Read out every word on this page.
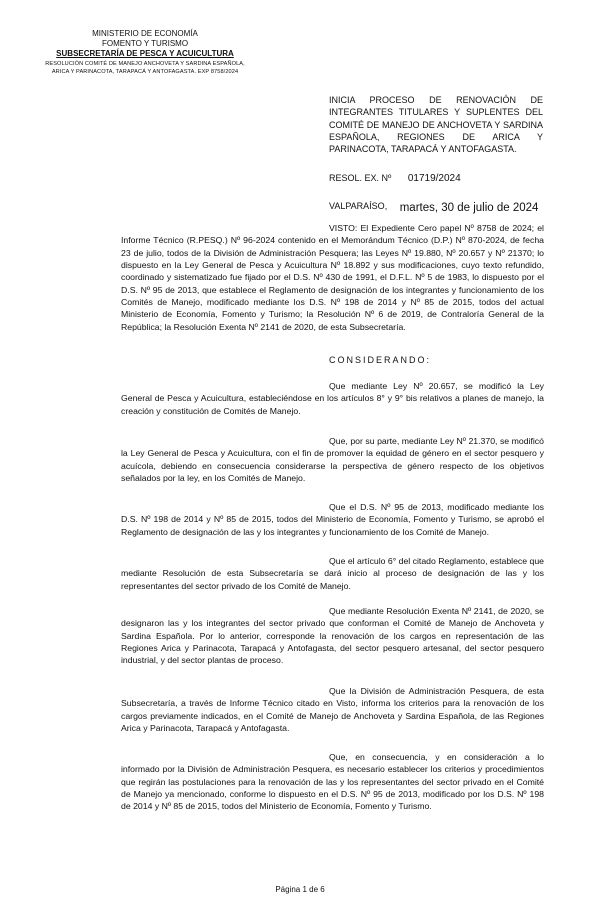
MINISTERIO DE ECONOMÍA
FOMENTO Y TURISMO
SUBSECRETARÍA DE PESCA Y ACUICULTURA
RESOLUCIÓN COMITÉ DE MANEJO ANCHOVETA Y SARDINA ESPAÑOLA, ARICA Y PARINACOTA, TARAPACÁ Y ANTOFAGASTA. EXP 8758/2024
INICIA PROCESO DE RENOVACIÓN DE INTEGRANTES TITULARES Y SUPLENTES DEL COMITÉ DE MANEJO DE ANCHOVETA Y SARDINA ESPAÑOLA, REGIONES DE ARICA Y PARINACOTA, TARAPACÁ Y ANTOFAGASTA.
RESOL. EX. Nº 01719/2024
VALPARAÍSO, martes, 30 de julio de 2024

VISTO: El Expediente Cero papel Nº 8758 de 2024; el Informe Técnico (R.PESQ.) Nº 96-2024 contenido en el Memorándum Técnico (D.P.) Nº 870-2024, de fecha 23 de julio, todos de la División de Administración Pesquera; las Leyes Nº 19.880, Nº 20.657 y Nº 21370; lo dispuesto en la Ley General de Pesca y Acuicultura Nº 18.892 y sus modificaciones, cuyo texto refundido, coordinado y sistematizado fue fijado por el D.S. Nº 430 de 1991, el D.F.L. Nº 5 de 1983, lo dispuesto por el D.S. Nº 95 de 2013, que establece el Reglamento de designación de los integrantes y funcionamiento de los Comités de Manejo, modificado mediante los D.S. Nº 198 de 2014 y Nº 85 de 2015, todos del actual Ministerio de Economía, Fomento y Turismo; la Resolución Nº 6 de 2019, de Contraloría General de la República; la Resolución Exenta Nº 2141 de 2020, de esta Subsecretaría.

CONSIDERANDO:

Que mediante Ley Nº 20.657, se modificó la Ley General de Pesca y Acuicultura, estableciéndose en los artículos 8° y 9° bis relativos a planes de manejo, la creación y constitución de Comités de Manejo.

Que, por su parte, mediante Ley Nº 21.370, se modificó la Ley General de Pesca y Acuicultura, con el fin de promover la equidad de género en el sector pesquero y acuícola, debiendo en consecuencia considerarse la perspectiva de género respecto de los objetivos señalados por la ley, en los Comités de Manejo.

Que el D.S. Nº 95 de 2013, modificado mediante los D.S. Nº 198 de 2014 y Nº 85 de 2015, todos del Ministerio de Economía, Fomento y Turismo, se aprobó el Reglamento de designación de las y los integrantes y funcionamiento de los Comité de Manejo.

Que el artículo 6° del citado Reglamento, establece que mediante Resolución de esta Subsecretaría se dará inicio al proceso de designación de las y los representantes del sector privado de los Comité de Manejo.

Que mediante Resolución Exenta Nº 2141, de 2020, se designaron las y los integrantes del sector privado que conforman el Comité de Manejo de Anchoveta y Sardina Española. Por lo anterior, corresponde la renovación de los cargos en representación de las Regiones Arica y Parinacota, Tarapacá y Antofagasta, del sector pesquero artesanal, del sector pesquero industrial, y del sector plantas de proceso.

Que la División de Administración Pesquera, de esta Subsecretaría, a través de Informe Técnico citado en Visto, informa los criterios para la renovación de los cargos previamente indicados, en el Comité de Manejo de Anchoveta y Sardina Española, de las Regiones Arica y Parinacota, Tarapacá y Antofagasta.

Que, en consecuencia, y en consideración a lo informado por la División de Administración Pesquera, es necesario establecer los criterios y procedimientos que regirán las postulaciones para la renovación de las y los representantes del sector privado en el Comité de Manejo ya mencionado, conforme lo dispuesto en el D.S. Nº 95 de 2013, modificado por los D.S. Nº 198 de 2014 y Nº 85 de 2015, todos del Ministerio de Economía, Fomento y Turismo.

Página 1 de 6
